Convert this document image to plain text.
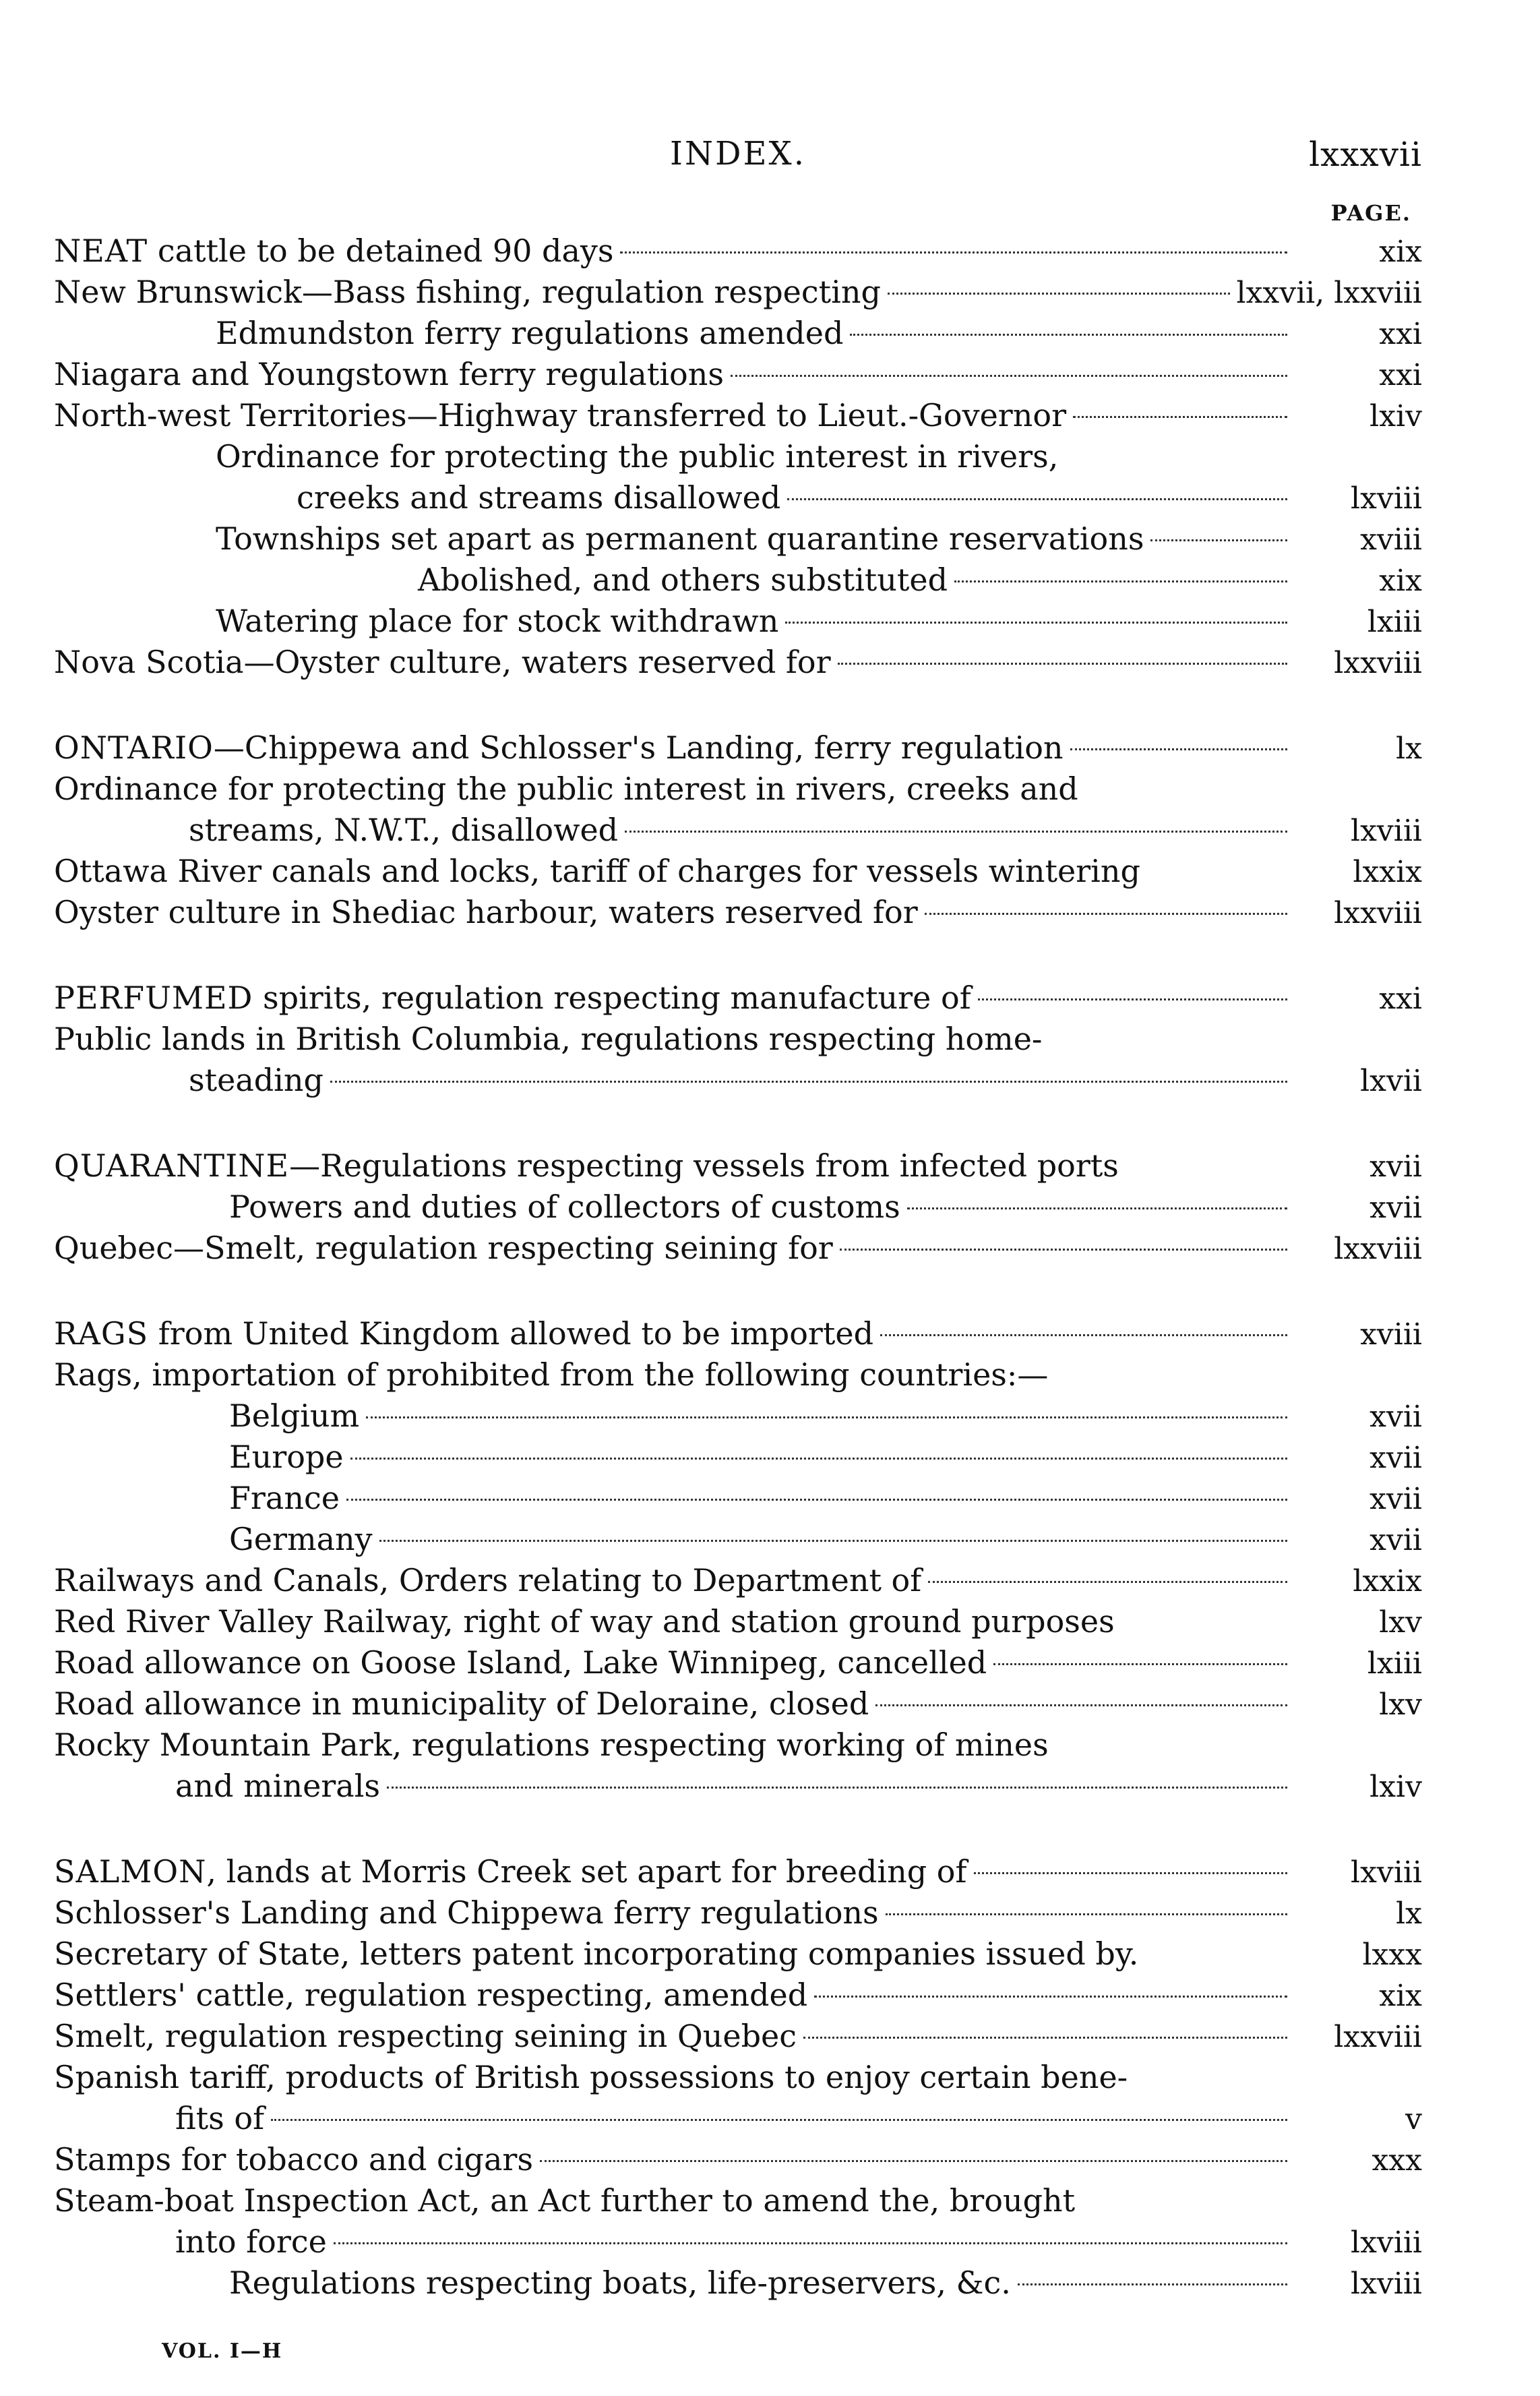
INDEX.	lxxxvii
PAGE.
NEAT cattle to be detained 90 days	xix
New Brunswick—Bass fishing, regulation respecting	lxxvii, lxxviii
Edmundston ferry regulations amended	xxi
Niagara and Youngstown ferry regulations	xxi
North-west Territories—Highway transferred to Lieut.-Governor	lxiv
Ordinance for protecting the public interest in rivers,
creeks and streams disallowed	lxviii
Townships set apart as permanent quarantine reservations	xviii
Abolished, and others substituted	xix
Watering place for stock withdrawn	lxiii
Nova Scotia—Oyster culture, waters reserved for	lxxviii
ONTARIO—Chippewa and Schlosser's Landing, ferry regulation	lx
Ordinance for protecting the public interest in rivers, creeks and
streams, N.W.T., disallowed	lxviii
Ottawa River canals and locks, tariff of charges for vessels wintering	lxxix
Oyster culture in Shediac harbour, waters reserved for	lxxviii
PERFUMED spirits, regulation respecting manufacture of	xxi
Public lands in British Columbia, regulations respecting home-
steading	lxvii
QUARANTINE—Regulations respecting vessels from infected ports	xvii
Powers and duties of collectors of customs	xvii
Quebec—Smelt, regulation respecting seining for	lxxviii
RAGS from United Kingdom allowed to be imported	xviii
Rags, importation of prohibited from the following countries:—
Belgium	xvii
Europe	xvii
France	xvii
Germany	xvii
Railways and Canals, Orders relating to Department of	lxxix
Red River Valley Railway, right of way and station ground purposes	lxv
Road allowance on Goose Island, Lake Winnipeg, cancelled	lxiii
Road allowance in municipality of Deloraine, closed	lxv
Rocky Mountain Park, regulations respecting working of mines
and minerals	lxiv
SALMON, lands at Morris Creek set apart for breeding of	lxviii
Schlosser's Landing and Chippewa ferry regulations	lx
Secretary of State, letters patent incorporating companies issued by.	lxxx
Settlers' cattle, regulation respecting, amended	xix
Smelt, regulation respecting seining in Quebec	lxxviii
Spanish tariff, products of British possessions to enjoy certain bene-
fits of	v
Stamps for tobacco and cigars	xxx
Steam-boat Inspection Act, an Act further to amend the, brought
into force	lxviii
Regulations respecting boats, life-preservers, &c.	lxviii
VOL. I—H
